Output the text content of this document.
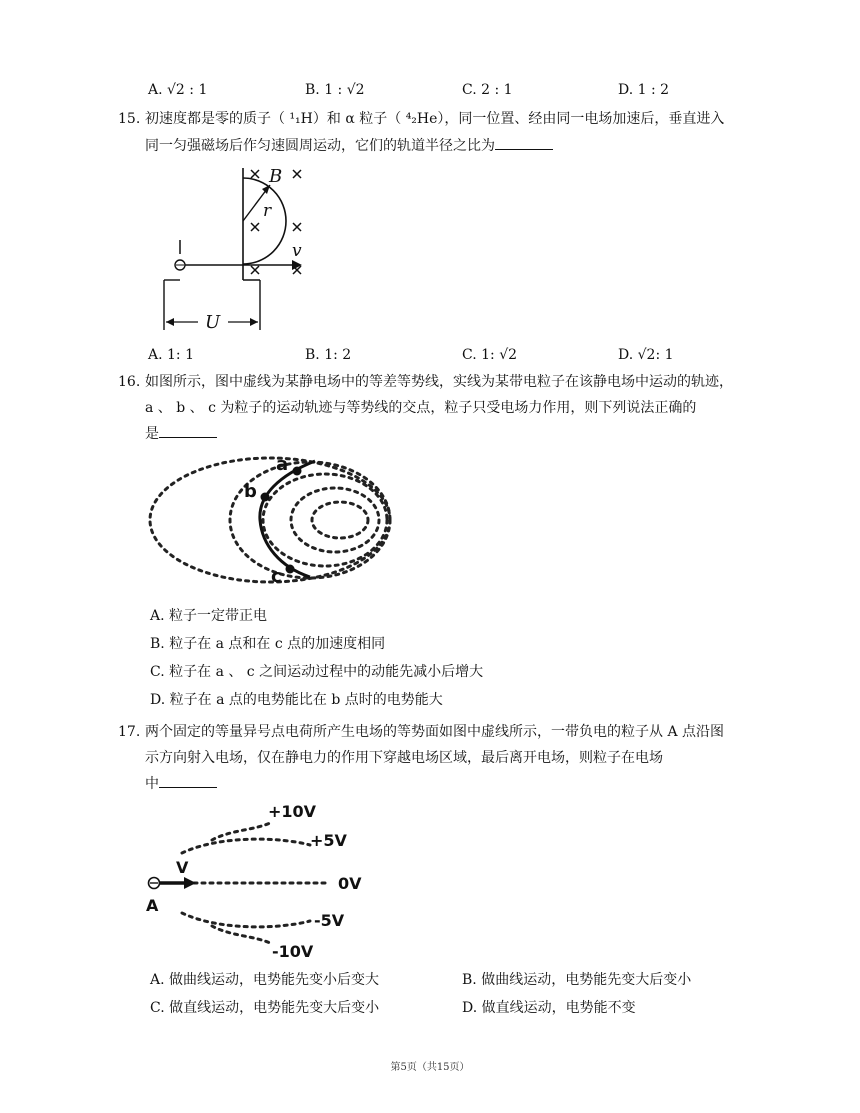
A. √2 : 1	B. 1 : √2	C. 2 : 1	D. 1 : 2
15. 初速度都是零的质子（ ¹₁H）和 α 粒子（ ⁴₂He），同一位置、经由同一电场加速后，垂直进入
同一匀强磁场后作匀速圆周运动，它们的轨道半径之比为
B
r
v
U
A. 1: 1	B. 1: 2	C. 1: √2	D. √2: 1
16. 如图所示，图中虚线为某静电场中的等差等势线，实线为某带电粒子在该静电场中运动的轨迹，
a 、 b 、 c 为粒子的运动轨迹与等势线的交点，粒子只受电场力作用，则下列说法正确的
是
a
b
c
A. 粒子一定带正电
B. 粒子在 a 点和在 c 点的加速度相同
C. 粒子在 a 、 c 之间运动过程中的动能先减小后增大
D. 粒子在 a 点的电势能比在 b 点时的电势能大
17. 两个固定的等量异号点电荷所产生电场的等势面如图中虚线所示，一带负电的粒子从 A 点沿图
示方向射入电场，仅在静电力的作用下穿越电场区域，最后离开电场，则粒子在电场
中
+10V
+5V
0V
-5V
-10V
V
A
A. 做曲线运动，电势能先变小后变大	B. 做曲线运动，电势能先变大后变小
C. 做直线运动，电势能先变大后变小	D. 做直线运动，电势能不变
第5页（共15页）
